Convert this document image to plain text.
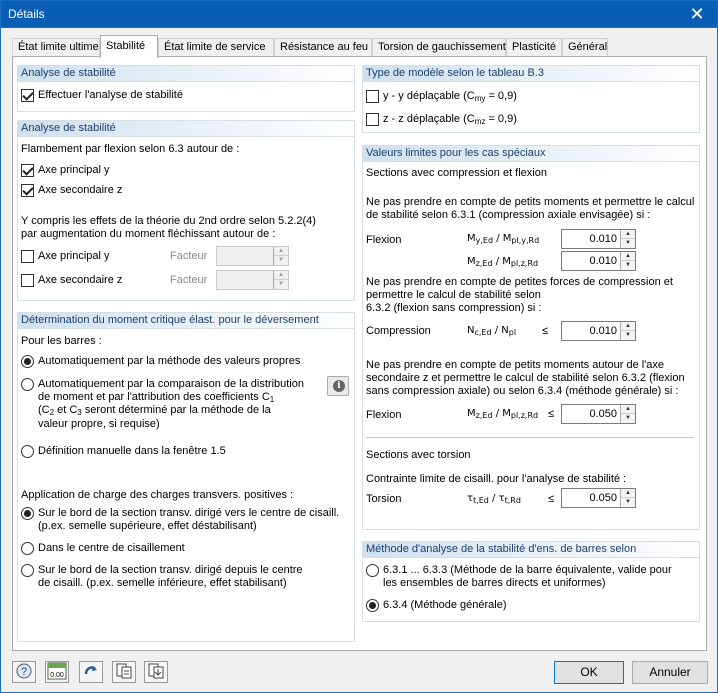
Détails	✕
État limite ultime Stabilité	État limite de service	Résistance au feu Torsion de gauchissement Plasticité	Général
Analyse de stabilité
Effectuer l'analyse de stabilité
Analyse de stabilité
Flambement par flexion selon 6.3 autour de :
Axe principal y
Axe secondaire z
Y compris les effets de la théorie du 2nd ordre selon 5.2.2(4)
par augmentation du moment fléchissant autour de :
Axe principal y	Facteur	▲
▼
Axe secondaire z	Facteur	▲
▼
Détermination du moment critique élast. pour le déversement
Pour les barres :
Automatiquement par la méthode des valeurs propres
Automatiquement par la comparaison de la distribution
de moment et par l'attribution des coefficients $C_1$
($C_2$ et $C_3$ seront déterminé par la méthode de la
valeur propre, si requise)
i
Définition manuelle dans la fenêtre 1.5
Application de charge des charges transvers. positives :
Sur le bord de la section transv. dirigé vers le centre de cisaill.
(p.ex. semelle supérieure, effet déstabilisant)
Dans le centre de cisaillement
Sur le bord de la section transv. dirigé depuis le centre
de cisaill. (p.ex. semelle inférieure, effet stabilisant)
Type de modèle selon le tableau B.3
y - y déplaçable $(C_{my} = 0,9)$
z - z déplaçable $(C_{mz} = 0,9)$
Valeurs limites pour les cas spéciaux
Sections avec compression et flexion
Ne pas prendre en compte de petits moments et permettre le calcul
de stabilité selon 6.3.1 (compression axiale envisagée) si :
Flexion	$M_{y,Ed} / M_{pl,y,Rd}$	0.010	▲
▼
$M_{z,Ed} / M_{pl,z,Rd}$	0.010	▲
▼
Ne pas prendre en compte de petites forces de compression et
permettre le calcul de stabilité selon
6.3.2 (flexion sans compression) si :
Compression	$N_{c,Ed} / N_{pl}$ ≤	0.010	▲
▼
Ne pas prendre en compte de petits moments autour de l'axe
secondaire z et permettre le calcul de stabilité selon 6.3.2 (flexion
sans compression axiale) ou selon 6.3.4 (méthode générale) si :
Flexion	$M_{z,Ed} / M_{pl,z,Rd}$ ≤	0.050	▲
▼
Sections avec torsion
Contrainte limite de cisaill. pour l'analyse de stabilité :
Torsion	$\tau_{t,Ed} / \tau_{t,Rd}$ ≤	0.050	▲
▼
Méthode d'analyse de la stabilité d'ens. de barres selon
6.3.1 ... 6.3.3 (Méthode de la barre équivalente, valide pour
les ensembles de barres directs et uniformes)
6.3.4 (Méthode générale)
?	0.00	OK	Annuler
